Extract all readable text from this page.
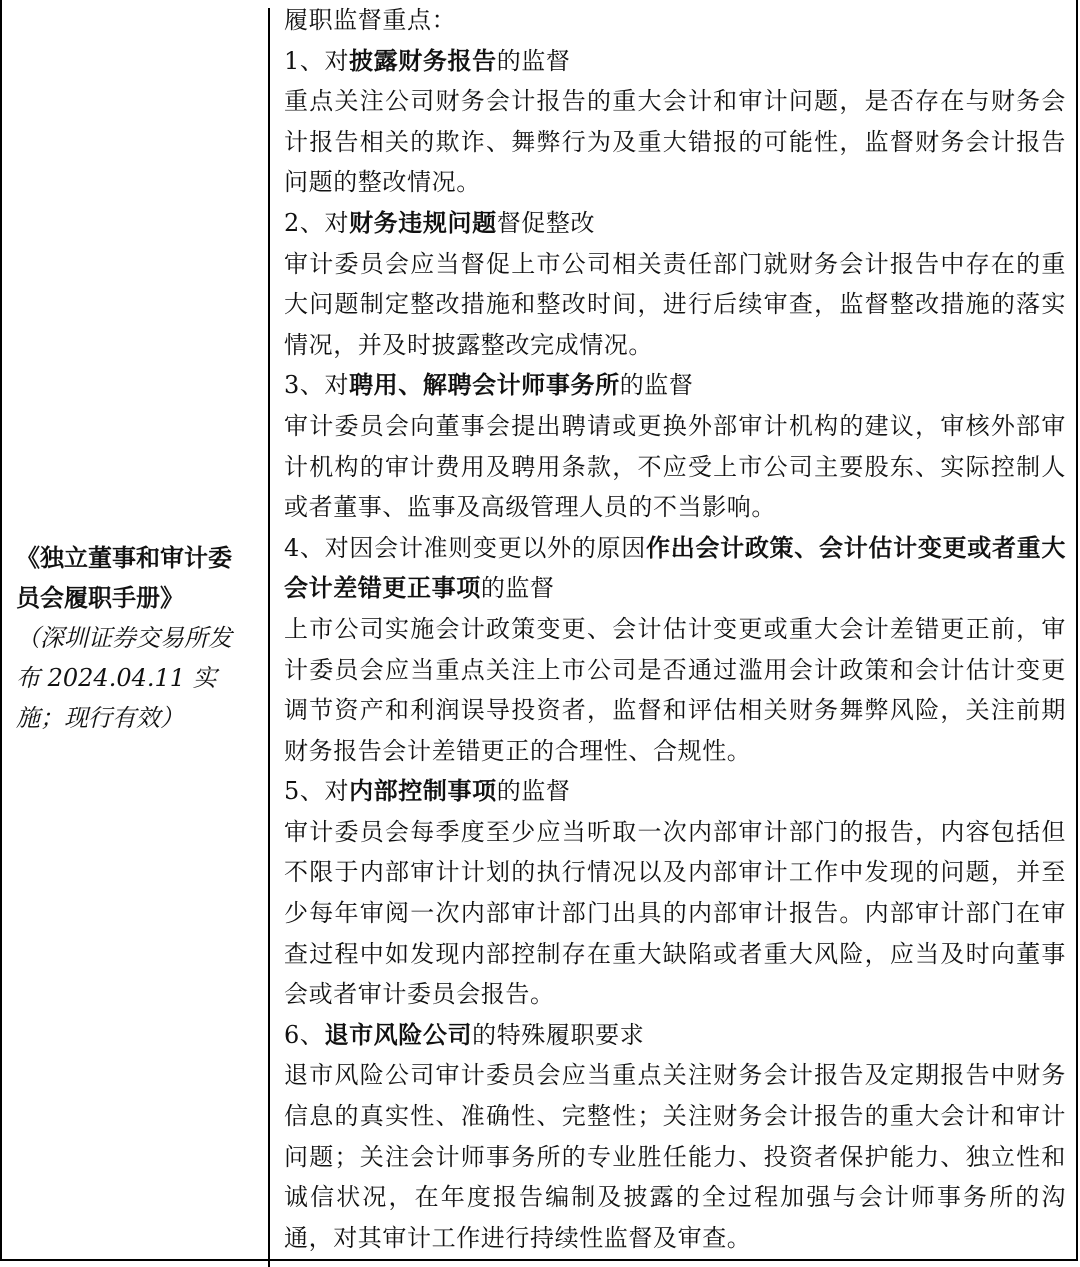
《独立董事和审计委员会履职手册》
（深圳证券交易所发布 2024.04.11 实施；现行有效）
履职监督重点：
1、对披露财务报告的监督
重点关注公司财务会计报告的重大会计和审计问题，是否存在与财务会计报告相关的欺诈、舞弊行为及重大错报的可能性，监督财务会计报告问题的整改情况。
2、对财务违规问题督促整改
审计委员会应当督促上市公司相关责任部门就财务会计报告中存在的重大问题制定整改措施和整改时间，进行后续审查，监督整改措施的落实情况，并及时披露整改完成情况。
3、对聘用、解聘会计师事务所的监督
审计委员会向董事会提出聘请或更换外部审计机构的建议，审核外部审计机构的审计费用及聘用条款，不应受上市公司主要股东、实际控制人或者董事、监事及高级管理人员的不当影响。
4、对因会计准则变更以外的原因作出会计政策、会计估计变更或者重大会计差错更正事项的监督
上市公司实施会计政策变更、会计估计变更或重大会计差错更正前，审计委员会应当重点关注上市公司是否通过滥用会计政策和会计估计变更调节资产和利润误导投资者，监督和评估相关财务舞弊风险，关注前期财务报告会计差错更正的合理性、合规性。
5、对内部控制事项的监督
审计委员会每季度至少应当听取一次内部审计部门的报告，内容包括但不限于内部审计计划的执行情况以及内部审计工作中发现的问题，并至少每年审阅一次内部审计部门出具的内部审计报告。内部审计部门在审查过程中如发现内部控制存在重大缺陷或者重大风险，应当及时向董事会或者审计委员会报告。
6、退市风险公司的特殊履职要求
退市风险公司审计委员会应当重点关注财务会计报告及定期报告中财务信息的真实性、准确性、完整性；关注财务会计报告的重大会计和审计问题；关注会计师事务所的专业胜任能力、投资者保护能力、独立性和诚信状况，在年度报告编制及披露的全过程加强与会计师事务所的沟通，对其审计工作进行持续性监督及审查。
